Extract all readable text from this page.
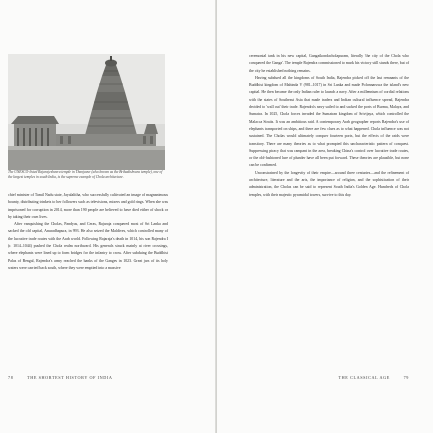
The UNESCO-listed Rajarajeshvara temple in Thanjavur (also known as the Brihadishvara temple), one of the largest temples in south India, is the supreme example of Chola architecture.

chief minister of Tamil Nadu state, Jayalalitha, who successfully cultivated an image of magnanimous bounty, distributing trinkets to her followers such as televisions, mixers and gold rings. When she was imprisoned for corruption in 2014, more than 190 people are believed to have died either of shock or by taking their own lives.

After vanquishing the Cholas, Pandyas, and Ceras, Rajaraja conquered most of Sri Lanka and sacked the old capital, Anuradhapura, in 993. He also seized the Maldives, which controlled many of the lucrative trade routes with the Arab world. Following Rajaraja's death in 1014, his son Rajendra I (r. 1014–1044) pushed the Chola realm northward. His generals struck mainly at river crossings, where elephants were lined up to form bridges for the infantry to cross. After subduing the Buddhist Palas of Bengal, Rajendra's army reached the banks of the Ganges in 1023. Great jars of its holy waters were carried back south, where they were emptied into a massive

78	THE SHORTEST HISTORY OF INDIA

ceremonial tank in his new capital, Gangaikondacholapuram, literally 'the city of the Chola who conquered the Ganga'. The temple Rajendra commissioned to mark his victory still stands there, but of the city he established nothing remains.

Having subdued all the kingdoms of South India, Rajendra picked off the last remnants of the Buddhist kingdom of Mahinda V (981–1017) in Sri Lanka and made Polonnaruwa the island's new capital. He then became the only Indian ruler to launch a navy. After a millennium of cordial relations with the states of Southeast Asia that made traders and Indian cultural influence spread, Rajendra decided to 'wall out' their trade. Rajendra's navy sailed to and sacked the ports of Burma, Malaya, and Sumatra. In 1025, Chola forces invaded the Sumatran kingdom of Srivijaya, which controlled the Malacca Straits. It was an ambitious raid. A contemporary Arab geographer reports Rajendra's use of elephants transported on ships, and there are few clues as to what happened. Chola influence was not sustained. The Cholas would ultimately conquer fourteen ports, but the effects of the raids were transitory. There are many theories as to what prompted this uncharacteristic pattern of conquest. Suppressing piracy that was rampant in the area, breaking China's control over lucrative trade routes, or the old-fashioned lure of plunder have all been put forward. These theories are plausible, but none can be confirmed.

Unconstrained by the longevity of their empire—around three centuries—and the refinement of architecture, literature and the arts, the importance of religion, and the sophistication of their administration, the Cholas can be said to represent South India's Golden Age. Hundreds of Chola temples, with their majestic pyramidal towers, survive to this day.

THE CLASSICAL AGE	79
